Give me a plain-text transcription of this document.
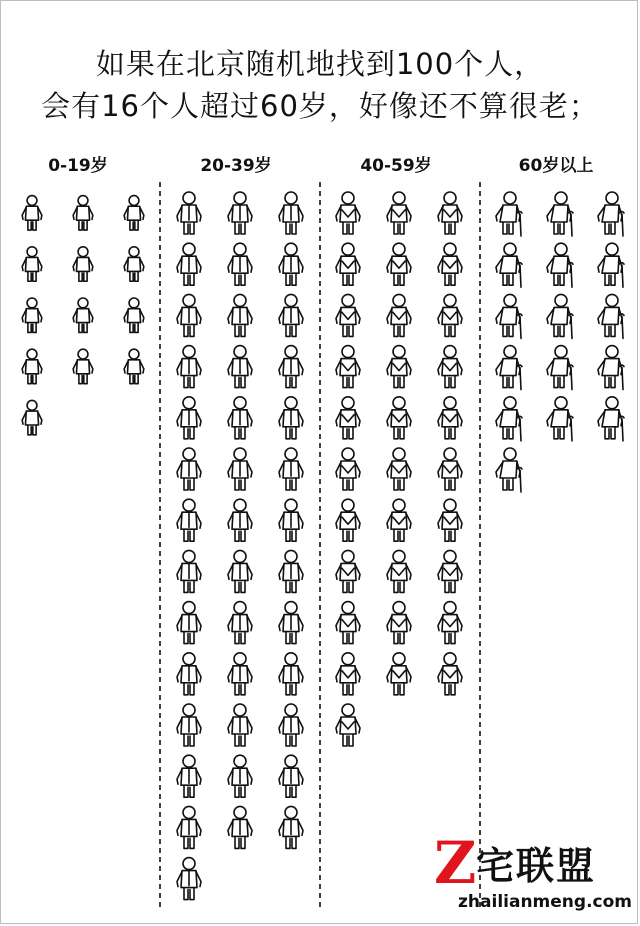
如果在北京随机地找到100个人，
会有16个人超过60岁，好像还不算很老；
0-19岁	20-39岁	40-59岁	60岁以上
Z 宅联盟
zhailianmeng.com
